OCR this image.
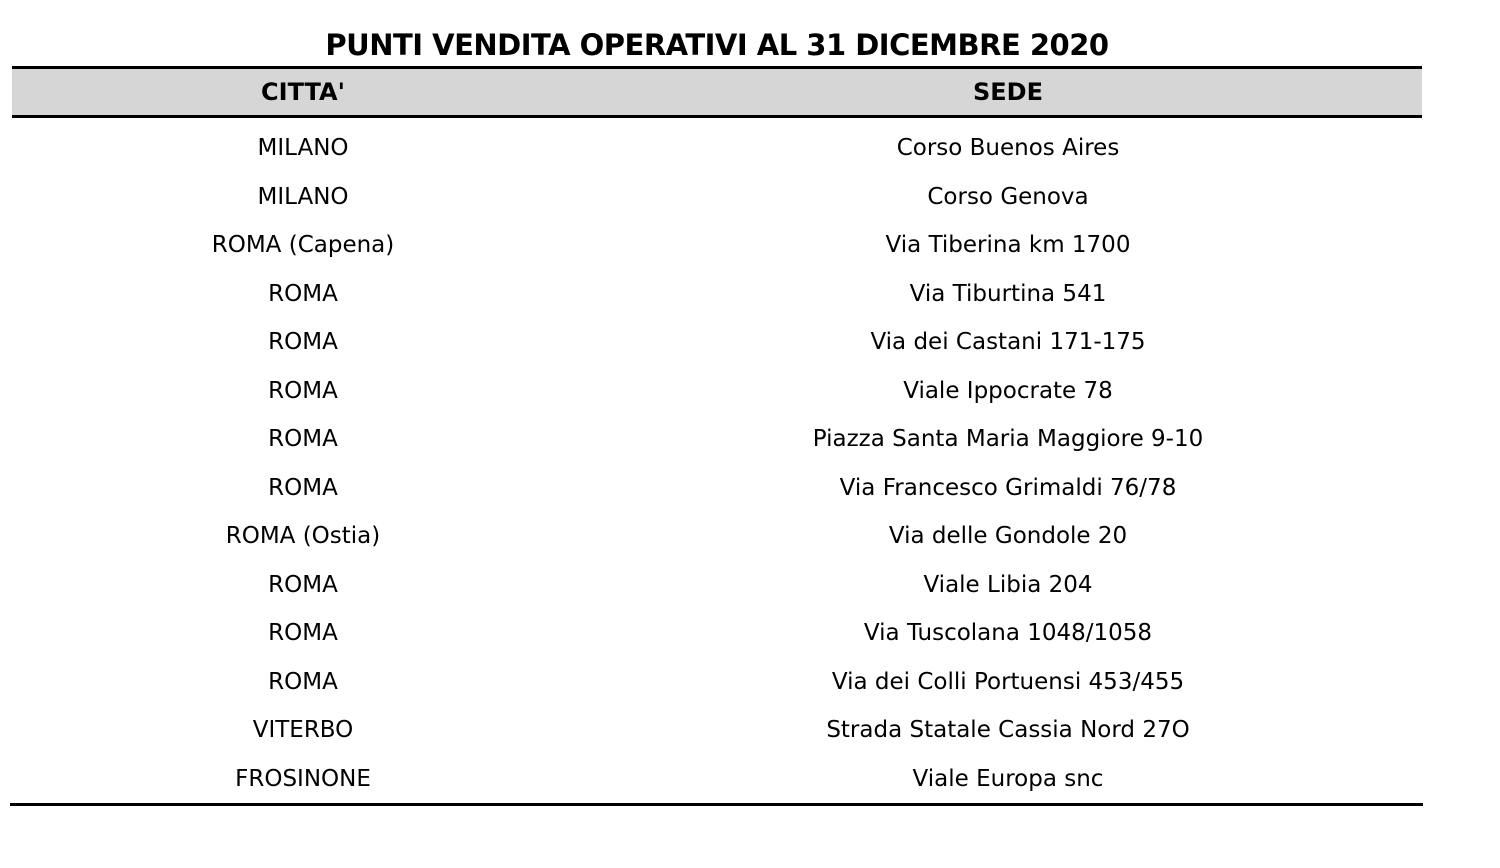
PUNTI VENDITA OPERATIVI AL 31 DICEMBRE 2020
CITTA'	SEDE
MILANO	Corso Buenos Aires
MILANO	Corso Genova
ROMA (Capena)	Via Tiberina km 1700
ROMA	Via Tiburtina 541
ROMA	Via dei Castani 171-175
ROMA	Viale Ippocrate 78
ROMA	Piazza Santa Maria Maggiore 9-10
ROMA	Via Francesco Grimaldi 76/78
ROMA (Ostia)	Via delle Gondole 20
ROMA	Viale Libia 204
ROMA	Via Tuscolana 1048/1058
ROMA	Via dei Colli Portuensi 453/455
VITERBO	Strada Statale Cassia Nord 27O
FROSINONE	Viale Europa snc
